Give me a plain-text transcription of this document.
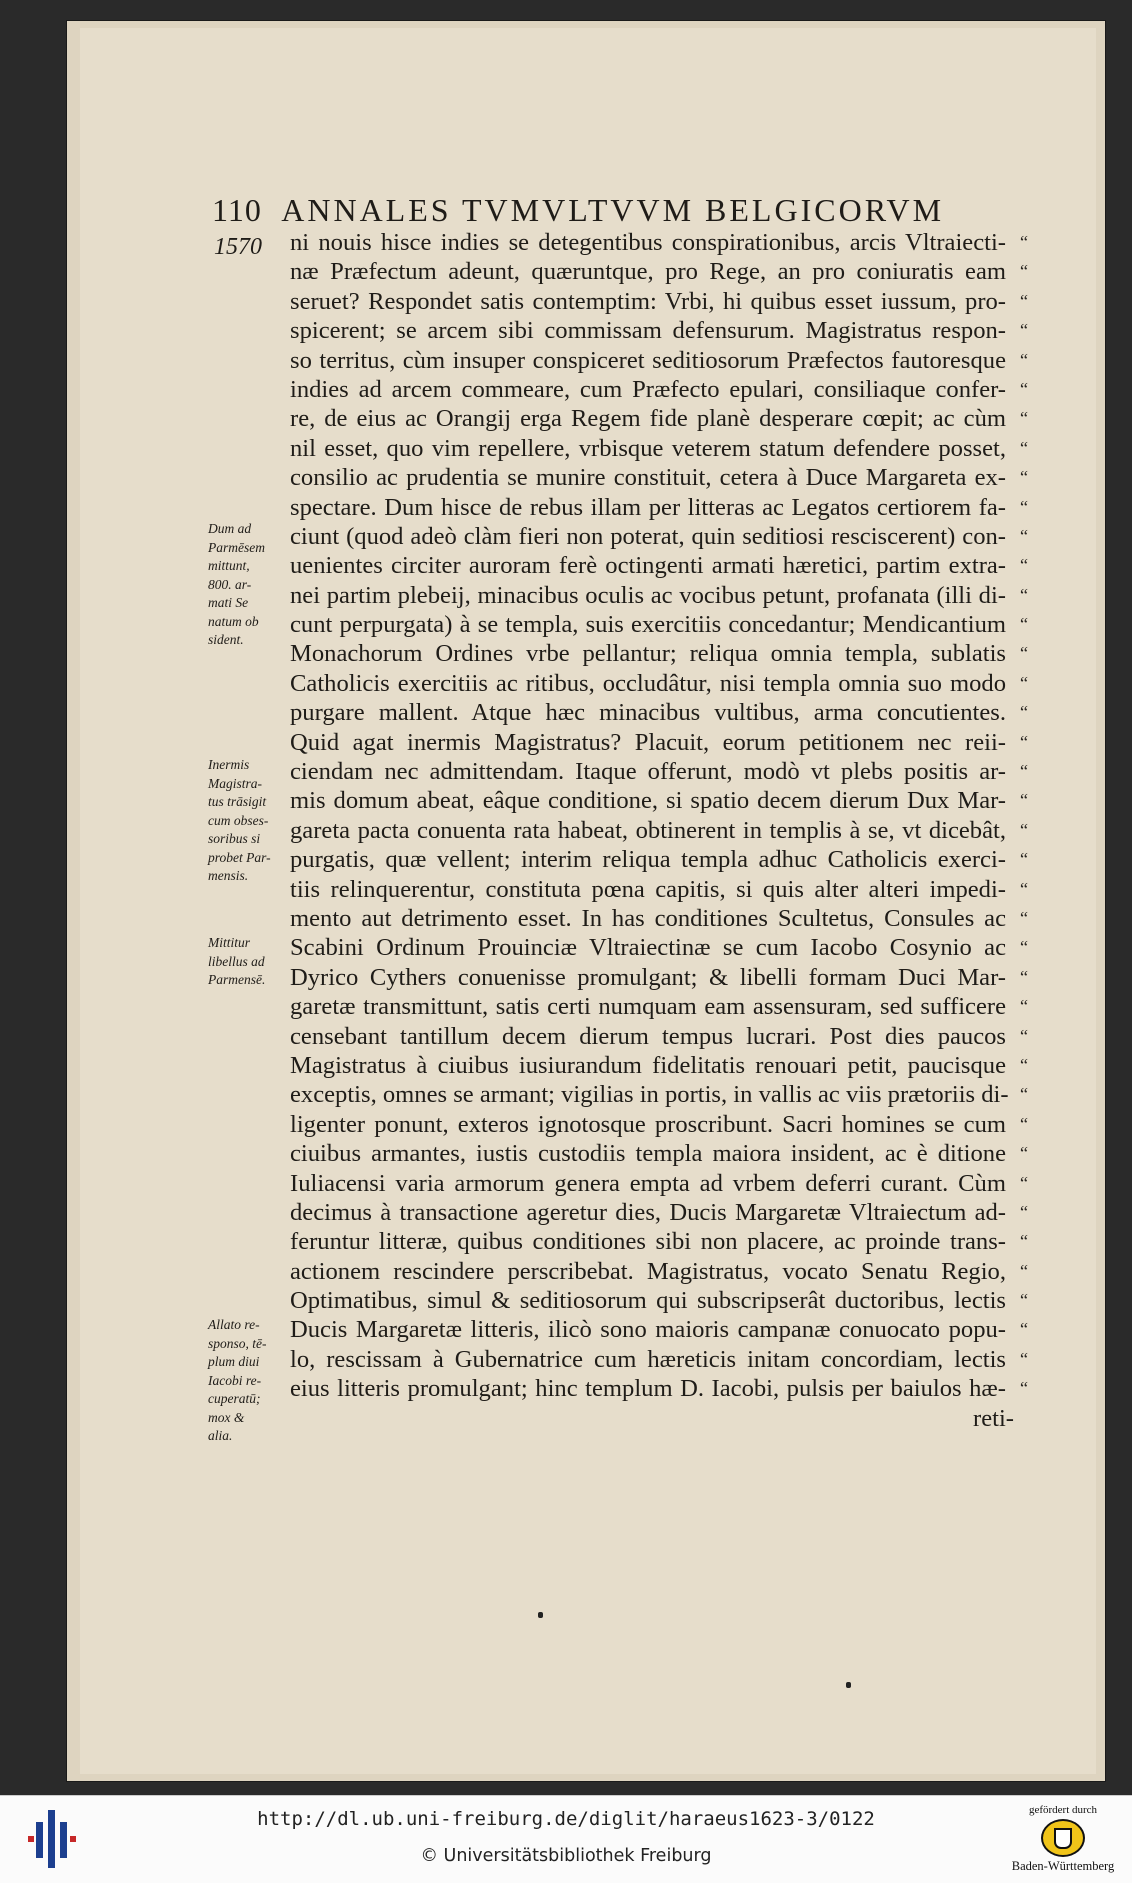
110 ANNALES TVMVLTVVM BELGICORVM
1570 ni nouis hisce indies se detegentibus conspirationibus, arcis Vltraiecti- “
næ Præfectum adeunt, quæruntque, pro Rege, an pro coniuratis eam “
seruet? Respondet satis contemptim: Vrbi, hi quibus esset iussum, pro- “
spicerent; se arcem sibi commissam defensurum. Magistratus respon- “
so territus, cùm insuper conspiceret seditiosorum Præfectos fautoresque “
indies ad arcem commeare, cum Præfecto epulari, consiliaque confer- “
re, de eius ac Orangij erga Regem fide planè desperare cœpit; ac cùm “
nil esset, quo vim repellere, vrbisque veterem statum defendere posset, “
consilio ac prudentia se munire constituit, cetera à Duce Margareta ex- “
spectare. Dum hisce de rebus illam per litteras ac Legatos certiorem fa- “
ciunt (quod adeò clàm fieri non poterat, quin seditiosi resciscerent) con- “
uenientes circiter auroram ferè octingenti armati hæretici, partim extra- “
nei partim plebeij, minacibus oculis ac vocibus petunt, profanata (illi di- “
cunt perpurgata) à se templa, suis exercitiis concedantur; Mendicantium “
Monachorum Ordines vrbe pellantur; reliqua omnia templa, sublatis “
Catholicis exercitiis ac ritibus, occludâtur, nisi templa omnia suo modo “
purgare mallent. Atque hæc minacibus vultibus, arma concutientes. “
Quid agat inermis Magistratus? Placuit, eorum petitionem nec reii- “
ciendam nec admittendam. Itaque offerunt, modò vt plebs positis ar- “
mis domum abeat, eâque conditione, si spatio decem dierum Dux Mar- “
gareta pacta conuenta rata habeat, obtinerent in templis à se, vt dicebât, “
purgatis, quæ vellent; interim reliqua templa adhuc Catholicis exerci- “
tiis relinquerentur, constituta pœna capitis, si quis alter alteri impedi- “
mento aut detrimento esset. In has conditiones Scultetus, Consules ac “
Scabini Ordinum Prouinciæ Vltraiectinæ se cum Iacobo Cosynio ac “
Dyrico Cythers conuenisse promulgant; & libelli formam Duci Mar- “
garetæ transmittunt, satis certi numquam eam assensuram, sed sufficere “
censebant tantillum decem dierum tempus lucrari. Post dies paucos “
Magistratus à ciuibus iusiurandum fidelitatis renouari petit, paucisque “
exceptis, omnes se armant; vigilias in portis, in vallis ac viis prætoriis di- “
ligenter ponunt, exteros ignotosque proscribunt. Sacri homines se cum “
ciuibus armantes, iustis custodiis templa maiora insident, ac è ditione “
Iuliacensi varia armorum genera empta ad vrbem deferri curant. Cùm “
decimus à transactione ageretur dies, Ducis Margaretæ Vltraiectum ad- “
feruntur litteræ, quibus conditiones sibi non placere, ac proinde trans- “
actionem rescindere perscribebat. Magistratus, vocato Senatu Regio, “
Optimatibus, simul & seditiosorum qui subscripserât ductoribus, lectis “
Ducis Margaretæ litteris, ilicò sono maioris campanæ conuocato popu- “
lo, rescissam à Gubernatrice cum hæreticis initam concordiam, lectis “
eius litteris promulgant; hinc templum D. Iacobi, pulsis per baiulos hæ- “
reti-
Dum ad
Parmēsem
mittunt,
800. ar-
mati Se
natum ob
sident.
Inermis
Magistra-
tus trāsigit
cum obses-
soribus si
probet Par-
mensis.
Mittitur
libellus ad
Parmensē.
Allato re-
sponso, tē-
plum diui
Iacobi re-
cuperatū;
mox &
alia.
http://dl.ub.uni-freiburg.de/diglit/haraeus1623-3/0122
© Universitätsbibliothek Freiburg
gefördert durch
Baden-Württemberg
